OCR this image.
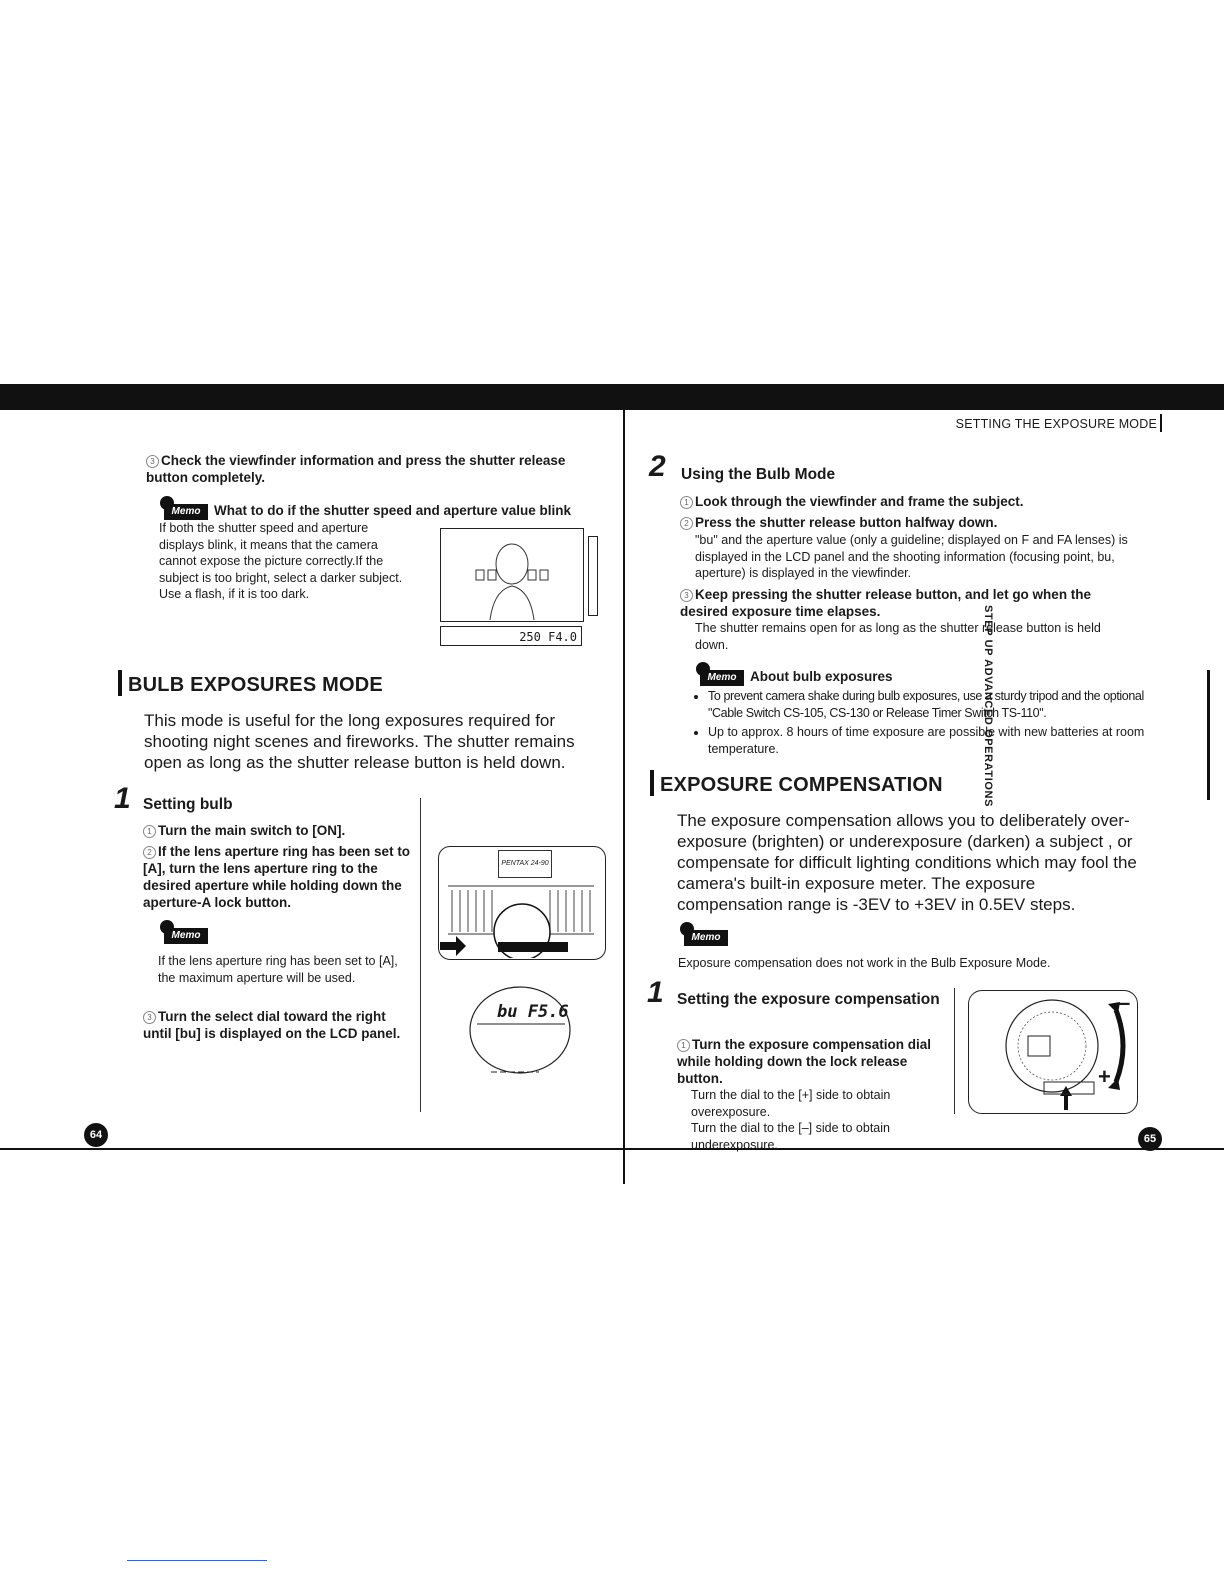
SETTING THE EXPOSURE MODE
STEP UP ADVANCED OPERATIONS
3 Check the viewfinder information and press the shutter release button completely.
Memo	What to do if the shutter speed and aperture value blink
If both the shutter speed and aperture displays blink, it means that the camera cannot expose the picture correctly.If the subject is too bright, select a darker subject. Use a flash, if it is too dark.
250 F4.0
BULB EXPOSURES MODE
This mode is useful for the long exposures required for shooting night scenes and fireworks. The shutter remains open as long as the shutter release button is held down.
1 Setting bulb
1 Turn the main switch to [ON].
2 If the lens aperture ring has been set to [A], turn the lens aperture ring to the desired aperture while holding down the aperture-A lock button.
Memo
If the lens aperture ring has been set to [A], the maximum aperture will be used.
3 Turn the select dial toward the right until [bu] is displayed on the LCD panel.
PENTAX 24-90
bu F5.6
64
2 Using the Bulb Mode
1 Look through the viewfinder and frame the subject.
2 Press the shutter release button halfway down.
"bu" and the aperture value (only a guideline; displayed on F and FA lenses) is displayed in the LCD panel and the shooting information (focusing point, bu, aperture) is displayed in the viewfinder.
3 Keep pressing the shutter release button, and let go when the desired exposure time elapses.
The shutter remains open for as long as the shutter release button is held down.
Memo	About bulb exposures
• To prevent camera shake during bulb exposures, use a sturdy tripod and the optional "Cable Switch CS-105, CS-130 or Release Timer Switch TS-110".
• Up to approx. 8 hours of time exposure are possible with new batteries at room temperature.
EXPOSURE COMPENSATION
The exposure compensation allows you to deliberately over-exposure (brighten) or underexposure (darken) a subject , or compensate for difficult lighting conditions which may fool the camera's built-in exposure meter. The exposure compensation range is -3EV to +3EV in 0.5EV steps.
Memo
Exposure compensation does not work in the Bulb Exposure Mode.
1 Setting the exposure compensation
1 Turn the exposure compensation dial while holding down the lock release button.
Turn the dial to the [+] side to obtain overexposure.
Turn the dial to the [–] side to obtain underexposure.
–
+
65
